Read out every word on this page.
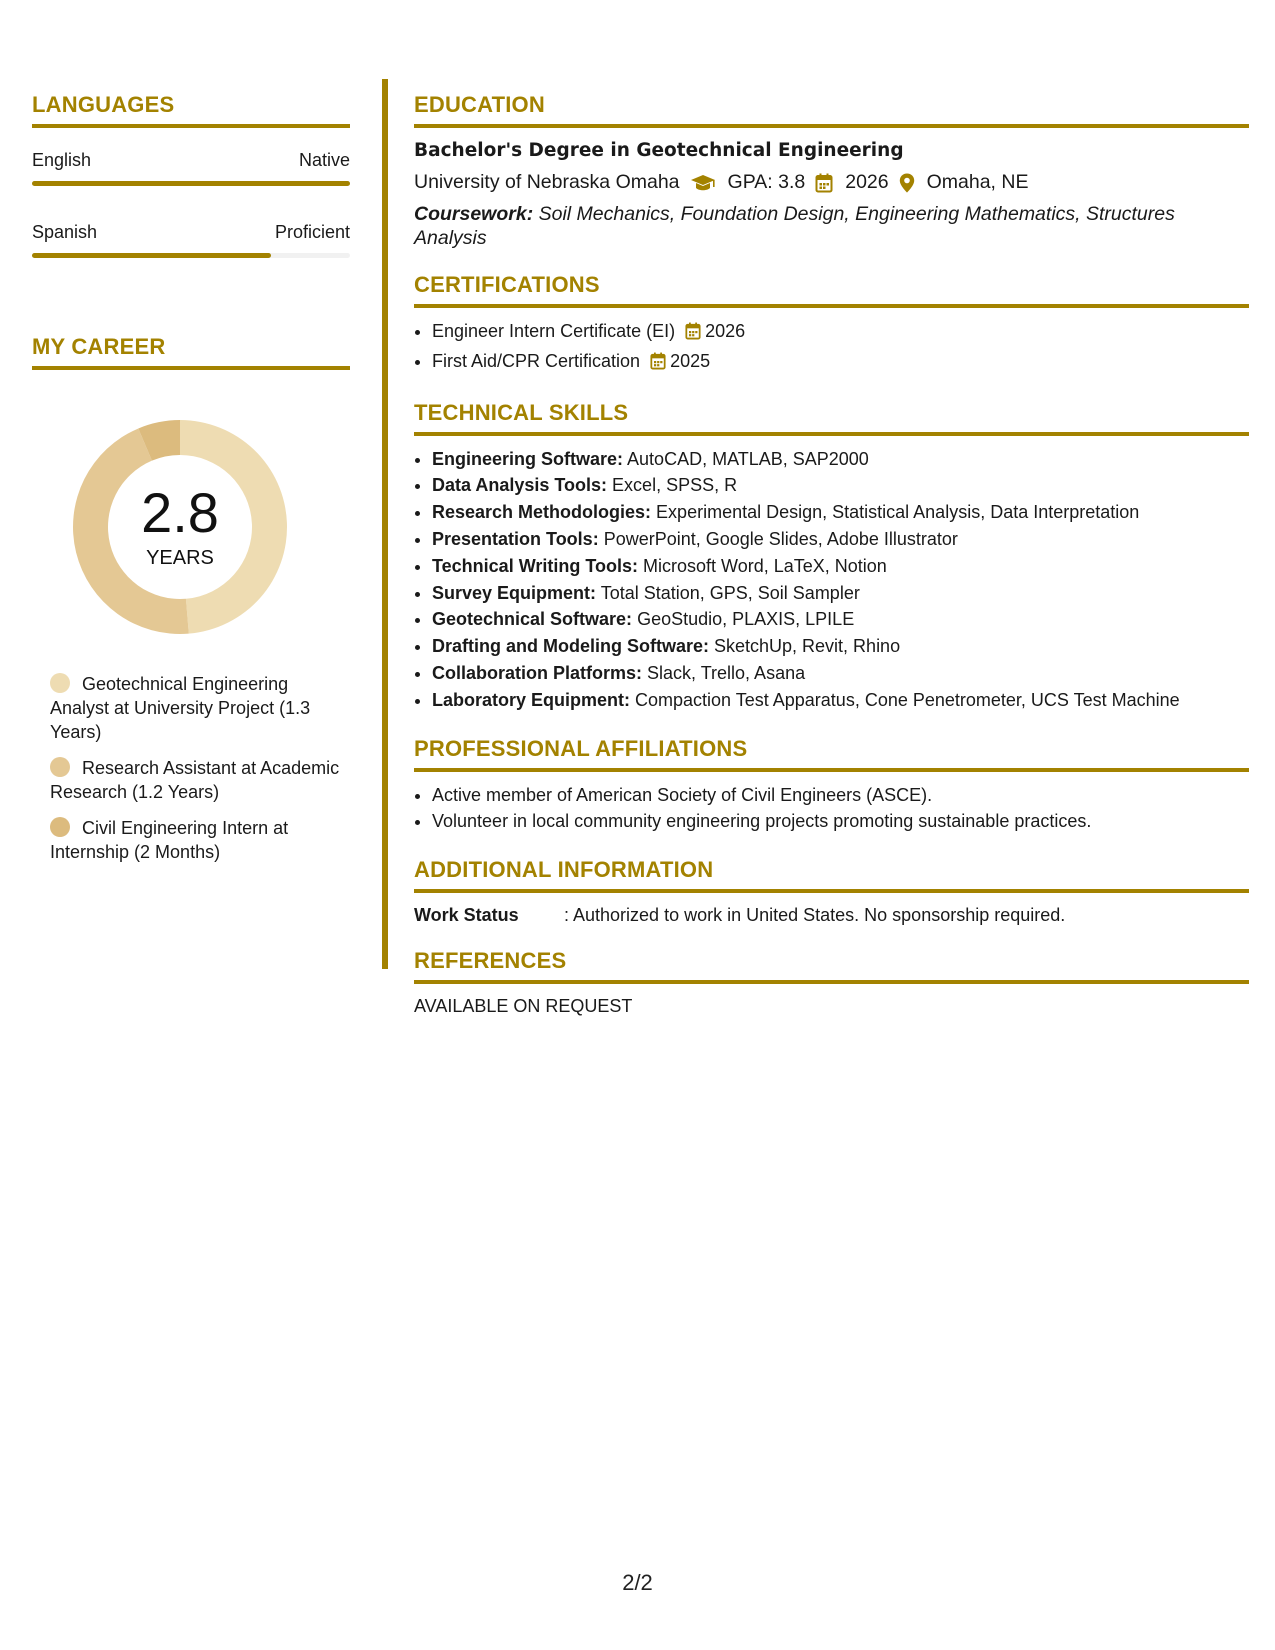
LANGUAGES
English	Native
Spanish	Proficient
MY CAREER
2.8
YEARS
Geotechnical Engineering Analyst at University Project (1.3 Years)
Research Assistant at Academic Research (1.2 Years)
Civil Engineering Intern at Internship (2 Months)
EDUCATION
Bachelor's Degree in Geotechnical Engineering
University of Nebraska Omaha GPA: 3.8 2026 Omaha, NE
Coursework: Soil Mechanics, Foundation Design, Engineering Mathematics, Structures Analysis
CERTIFICATIONS
• Engineer Intern Certificate (EI) 2026
• First Aid/CPR Certification 2025
TECHNICAL SKILLS
• Engineering Software: AutoCAD, MATLAB, SAP2000
• Data Analysis Tools: Excel, SPSS, R
• Research Methodologies: Experimental Design, Statistical Analysis, Data Interpretation
• Presentation Tools: PowerPoint, Google Slides, Adobe Illustrator
• Technical Writing Tools: Microsoft Word, LaTeX, Notion
• Survey Equipment: Total Station, GPS, Soil Sampler
• Geotechnical Software: GeoStudio, PLAXIS, LPILE
• Drafting and Modeling Software: SketchUp, Revit, Rhino
• Collaboration Platforms: Slack, Trello, Asana
• Laboratory Equipment: Compaction Test Apparatus, Cone Penetrometer, UCS Test Machine
PROFESSIONAL AFFILIATIONS
• Active member of American Society of Civil Engineers (ASCE).
• Volunteer in local community engineering projects promoting sustainable practices.
ADDITIONAL INFORMATION
Work Status	: Authorized to work in United States. No sponsorship required.
REFERENCES
AVAILABLE ON REQUEST
2/2
